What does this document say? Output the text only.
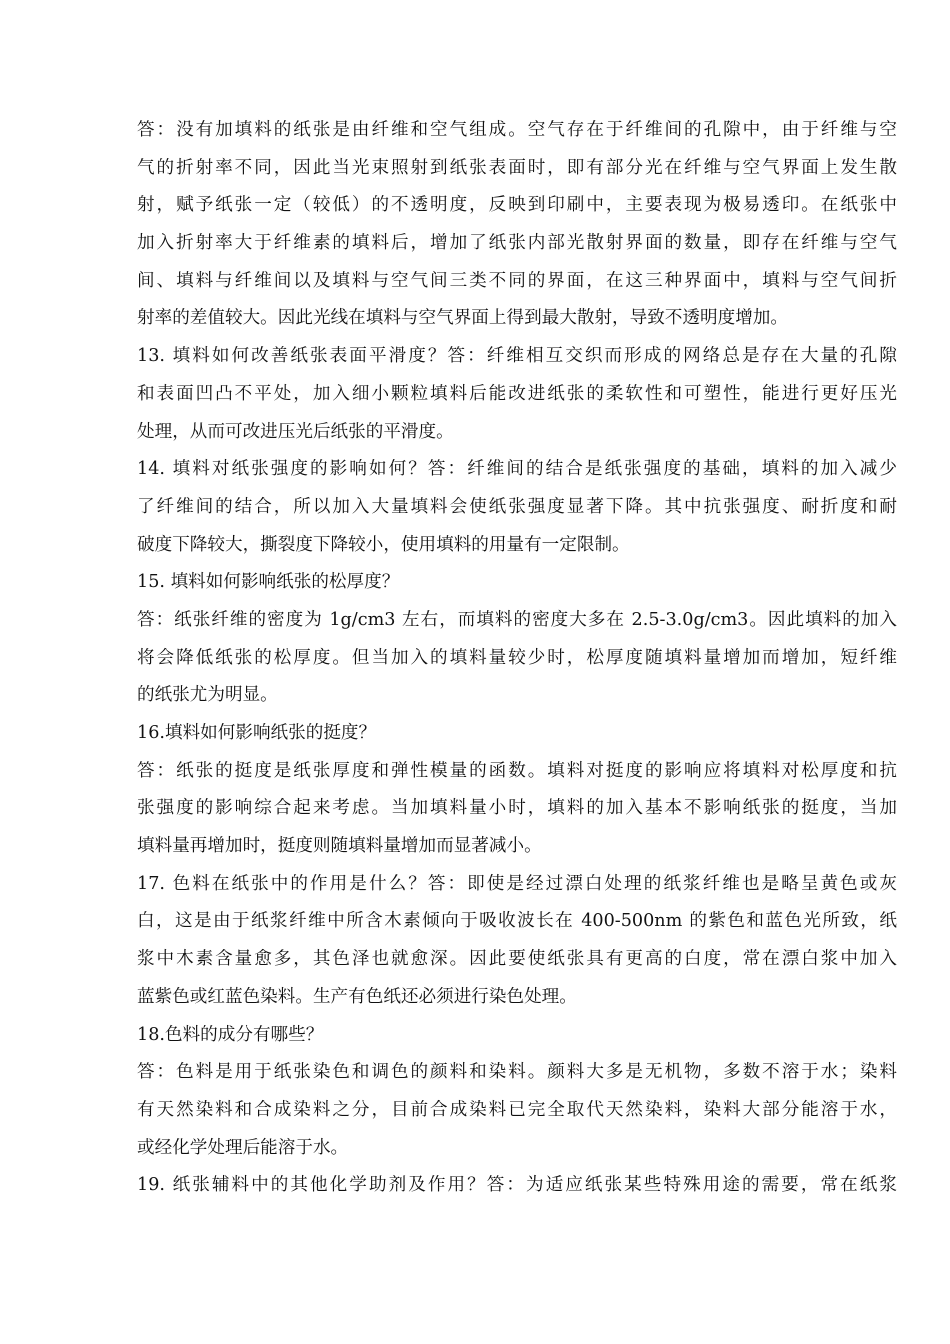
答：没有加填料的纸张是由纤维和空气组成。空气存在于纤维间的孔隙中，由于纤维与空
气的折射率不同，因此当光束照射到纸张表面时，即有部分光在纤维与空气界面上发生散
射，赋予纸张一定（较低）的不透明度，反映到印刷中，主要表现为极易透印。在纸张中
加入折射率大于纤维素的填料后，增加了纸张内部光散射界面的数量，即存在纤维与空气
间、填料与纤维间以及填料与空气间三类不同的界面，在这三种界面中，填料与空气间折
射率的差值较大。因此光线在填料与空气界面上得到最大散射，导致不透明度增加。
13. 填料如何改善纸张表面平滑度？答：纤维相互交织而形成的网络总是存在大量的孔隙
和表面凹凸不平处，加入细小颗粒填料后能改进纸张的柔软性和可塑性，能进行更好压光
处理，从而可改进压光后纸张的平滑度。
14. 填料对纸张强度的影响如何？答：纤维间的结合是纸张强度的基础，填料的加入减少
了纤维间的结合，所以加入大量填料会使纸张强度显著下降。其中抗张强度、耐折度和耐
破度下降较大，撕裂度下降较小，使用填料的用量有一定限制。
15. 填料如何影响纸张的松厚度？
答：纸张纤维的密度为 1g/cm3 左右，而填料的密度大多在 2.5-3.0g/cm3。因此填料的加入
将会降低纸张的松厚度。但当加入的填料量较少时，松厚度随填料量增加而增加，短纤维
的纸张尤为明显。
16.填料如何影响纸张的挺度？
答：纸张的挺度是纸张厚度和弹性模量的函数。填料对挺度的影响应将填料对松厚度和抗
张强度的影响综合起来考虑。当加填料量小时，填料的加入基本不影响纸张的挺度，当加
填料量再增加时，挺度则随填料量增加而显著减小。
17. 色料在纸张中的作用是什么？答：即使是经过漂白处理的纸浆纤维也是略呈黄色或灰
白，这是由于纸浆纤维中所含木素倾向于吸收波长在 400-500nm 的紫色和蓝色光所致，纸
浆中木素含量愈多，其色泽也就愈深。因此要使纸张具有更高的白度，常在漂白浆中加入
蓝紫色或红蓝色染料。生产有色纸还必须进行染色处理。
18.色料的成分有哪些？
答：色料是用于纸张染色和调色的颜料和染料。颜料大多是无机物，多数不溶于水；染料
有天然染料和合成染料之分，目前合成染料已完全取代天然染料，染料大部分能溶于水，
或经化学处理后能溶于水。
19. 纸张辅料中的其他化学助剂及作用？答：为适应纸张某些特殊用途的需要，常在纸浆
